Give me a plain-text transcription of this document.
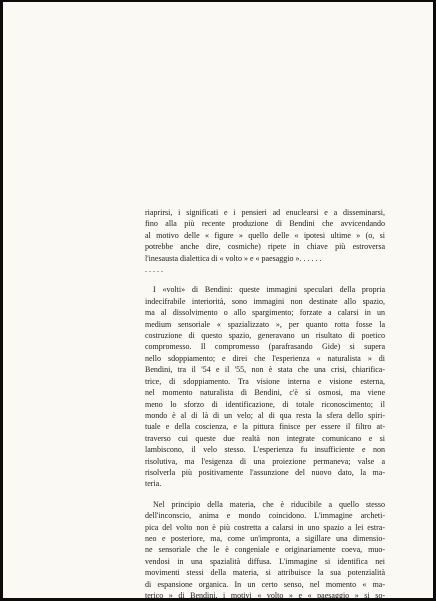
riaprirsi, i significati e i pensieri ad enuclearsi e a disseminarsi,
fino alla più recente produzione di Bendini che avvicendando
al motivo delle « figure » quello delle « ipotesi ultime » (o, si
potrebbe anche dire, cosmiche) ripete in chiave più estroversa
l'inesausta dialettica di « volto » e « paesaggio ». . . . . .

. . . . .

I «volti» di Bendini: queste immagini speculari della propria
indecifrabile interiorità, sono immagini non destinate allo spazio,
ma al dissolvimento o allo spargimento; forzate a calarsi in un
medium sensoriale « spazializzato », per quanto rotta fosse la
costruzione di questo spazio, generavano un risultato di poetico
compromesso. Il compromesso (parafrasando Gide) si supera
nello sdoppiamento; e direi che l'esperienza « naturalista » di
Bendini, tra il '54 e il '55, non è stata che una crisi, chiarifica-
trice, di sdoppiamento. Tra visione interna e visione esterna,
nel momento naturalista di Bendini, c'è sì osmosi, ma viene
meno lo sforzo di identificazione, di totale riconoscimento; il
mondo è al di là di un velo; al di qua resta la sfera dello spiri-
tuale e della coscienza, e la pittura finisce per essere il filtro at-
traverso cui queste due realtà non integrate comunicano e si
lambiscono, il velo stesso. L'esperienza fu insufficiente e non
risolutiva, ma l'esigenza di una proiezione permaneva; valse a
risolverla più positivamente l'assunzione del nuovo dato, la ma-
teria.

Nel principio della materia, che è riducibile a quello stesso
dell'inconscio, anima e mondo coincidono. L'immagine archeti-
pica del volto non è più costretta a calarsi in uno spazio a lei estra-
neo e posteriore, ma, come un'impronta, a sigillare una dimensio-
ne sensoriale che le è congeniale e originariamente coeva, muo-
vendosi in una spazialità diffusa. L'immagine si identifica nei
movimenti stessi della materia, si attribuisce la sua potenzialità
di espansione organica. In un certo senso, nel momento « ma-
terico » di Bendini, i motivi « volto » e « paesaggio » si so-
